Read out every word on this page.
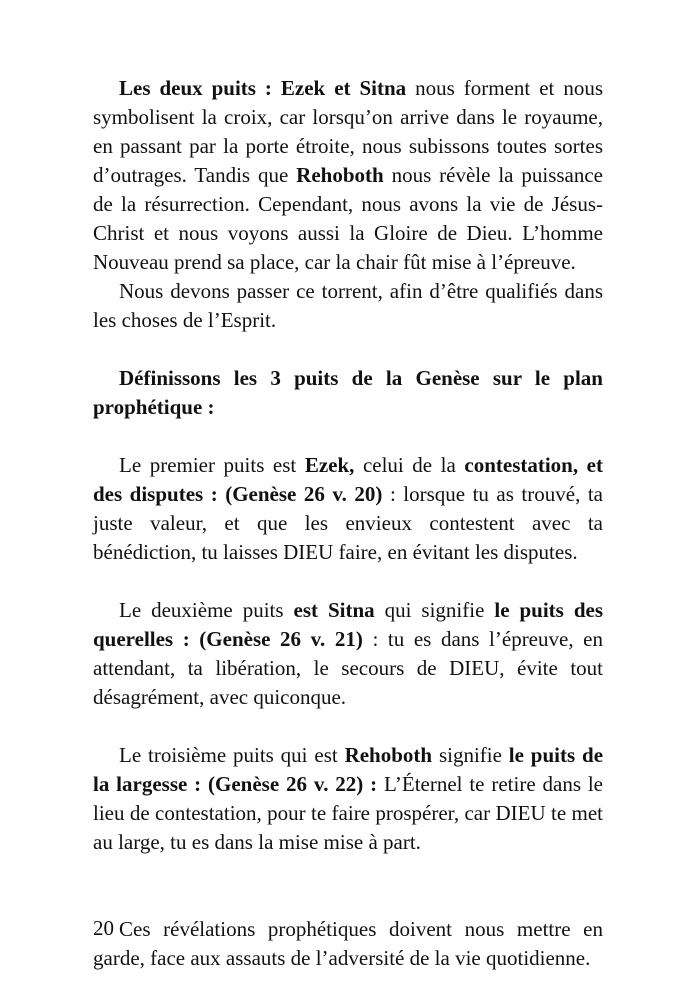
Les deux puits : Ezek et Sitna nous forment et nous symbolisent la croix, car lorsqu’on arrive dans le royaume, en passant par la porte étroite, nous subissons toutes sortes d’outrages. Tandis que Rehoboth nous révèle la puissance de la résurrection. Cependant, nous avons la vie de Jésus-Christ et nous voyons aussi la Gloire de Dieu. L’homme Nouveau prend sa place, car la chair fût mise à l’épreuve.

Nous devons passer ce torrent, afin d’être qualifiés dans les choses de l’Esprit.

Définissons les 3 puits de la Genèse sur le plan prophétique :

Le premier puits est Ezek, celui de la contestation, et des disputes : (Genèse 26 v. 20) : lorsque tu as trouvé, ta juste valeur, et que les envieux contestent avec ta bénédiction, tu laisses DIEU faire, en évitant les disputes.

Le deuxième puits est Sitna qui signifie le puits des querelles : (Genèse 26 v. 21) : tu es dans l’épreuve, en attendant, ta libération, le secours de DIEU, évite tout désagrément, avec quiconque.

Le troisième puits qui est Rehoboth signifie le puits de la largesse : (Genèse 26 v. 22) : L’Éternel te retire dans le lieu de contestation, pour te faire prospérer, car DIEU te met au large, tu es dans la mise mise à part.

Ces révélations prophétiques doivent nous mettre en garde, face aux assauts de l’adversité de la vie quotidienne.

20
